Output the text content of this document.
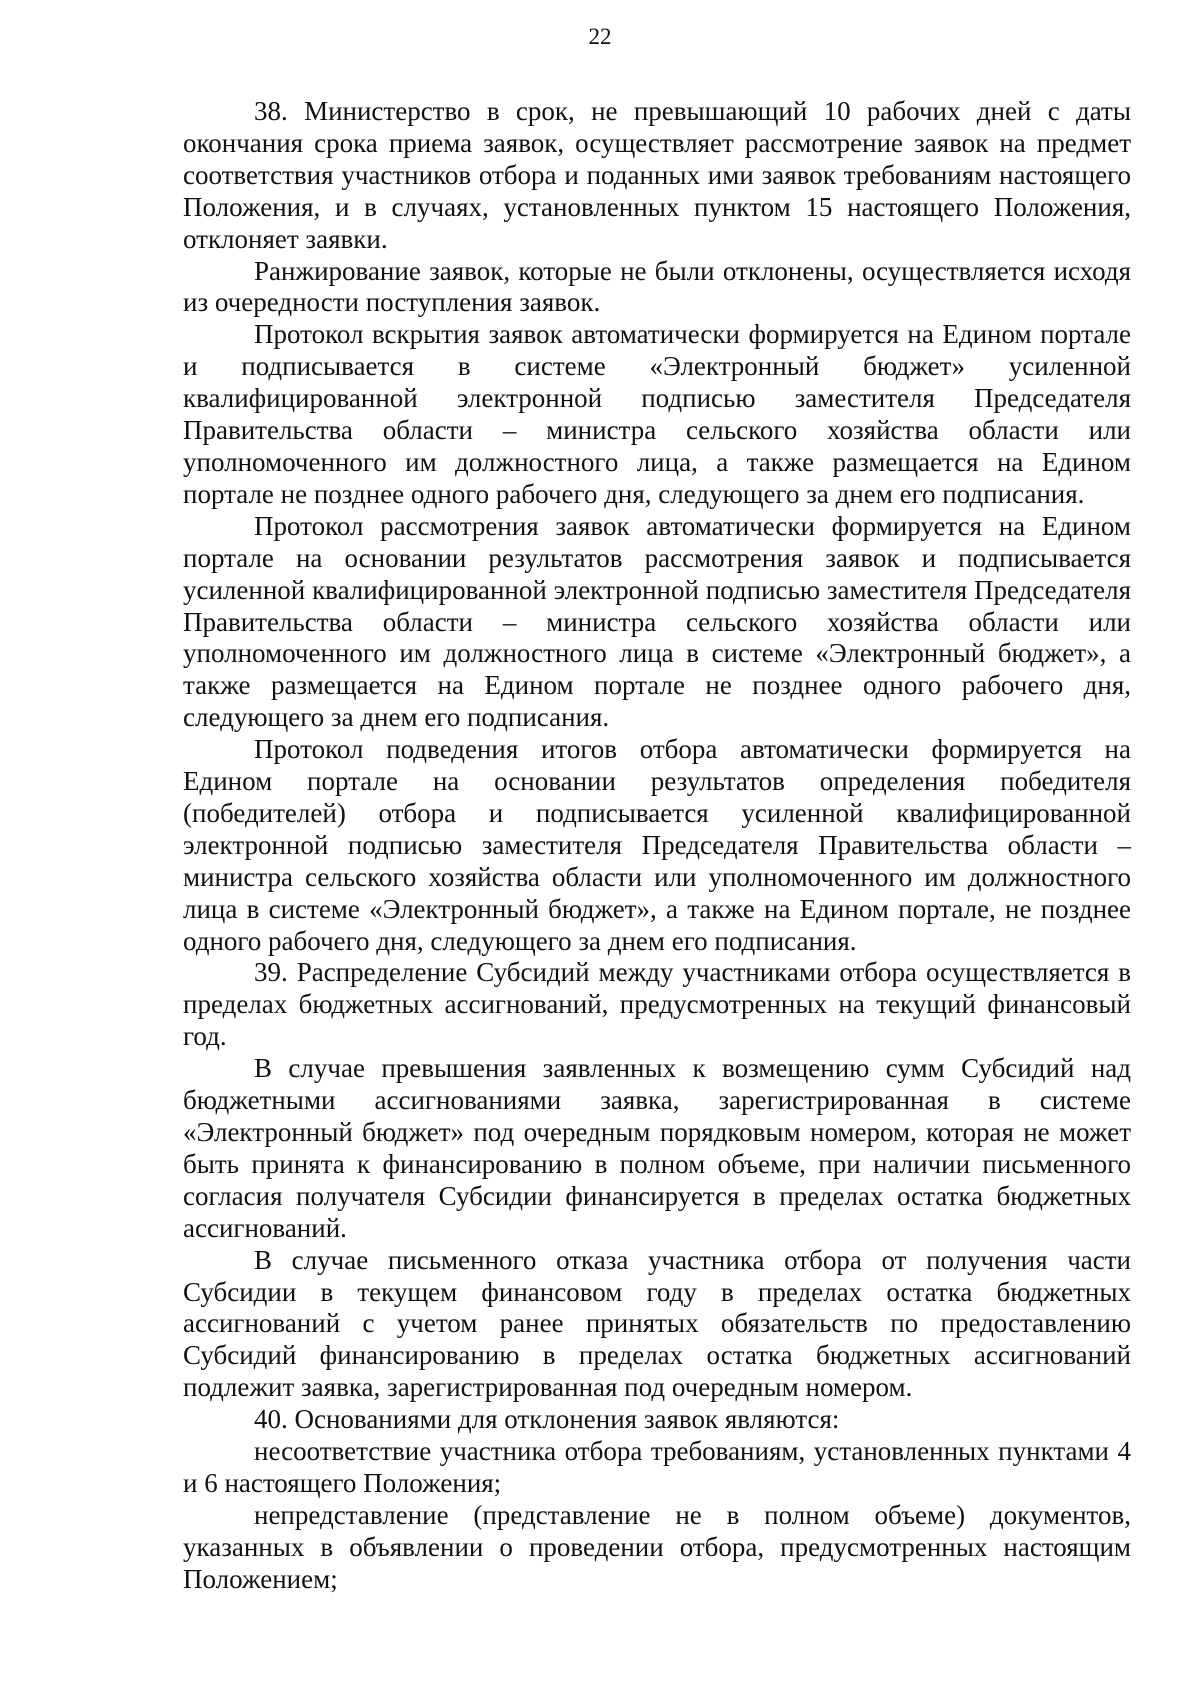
22

38. Министерство в срок, не превышающий 10 рабочих дней с даты окончания срока приема заявок, осуществляет рассмотрение заявок на предмет соответствия участников отбора и поданных ими заявок требованиям настоящего Положения, и в случаях, установленных пунктом 15 настоящего Положения, отклоняет заявки.

Ранжирование заявок, которые не были отклонены, осуществляется исходя из очередности поступления заявок.

Протокол вскрытия заявок автоматически формируется на Едином портале и подписывается в системе «Электронный бюджет» усиленной квалифицированной электронной подписью заместителя Председателя Правительства области – министра сельского хозяйства области или уполномоченного им должностного лица, а также размещается на Едином портале не позднее одного рабочего дня, следующего за днем его подписания.

Протокол рассмотрения заявок автоматически формируется на Едином портале на основании результатов рассмотрения заявок и подписывается усиленной квалифицированной электронной подписью заместителя Председателя Правительства области – министра сельского хозяйства области или уполномоченного им должностного лица в системе «Электронный бюджет», а также размещается на Едином портале не позднее одного рабочего дня, следующего за днем его подписания.

Протокол подведения итогов отбора автоматически формируется на Едином портале на основании результатов определения победителя (победителей) отбора и подписывается усиленной квалифицированной электронной подписью заместителя Председателя Правительства области – министра сельского хозяйства области или уполномоченного им должностного лица в системе «Электронный бюджет», а также на Едином портале, не позднее одного рабочего дня, следующего за днем его подписания.

39. Распределение Субсидий между участниками отбора осуществляется в пределах бюджетных ассигнований, предусмотренных на текущий финансовый год.

В случае превышения заявленных к возмещению сумм Субсидий над бюджетными ассигнованиями заявка, зарегистрированная в системе «Электронный бюджет» под очередным порядковым номером, которая не может быть принята к финансированию в полном объеме, при наличии письменного согласия получателя Субсидии финансируется в пределах остатка бюджетных ассигнований.

В случае письменного отказа участника отбора от получения части Субсидии в текущем финансовом году в пределах остатка бюджетных ассигнований с учетом ранее принятых обязательств по предоставлению Субсидий финансированию в пределах остатка бюджетных ассигнований подлежит заявка, зарегистрированная под очередным номером.

40. Основаниями для отклонения заявок являются:

несоответствие участника отбора требованиям, установленных пунктами 4 и 6 настоящего Положения;

непредставление (представление не в полном объеме) документов, указанных в объявлении о проведении отбора, предусмотренных настоящим Положением;
